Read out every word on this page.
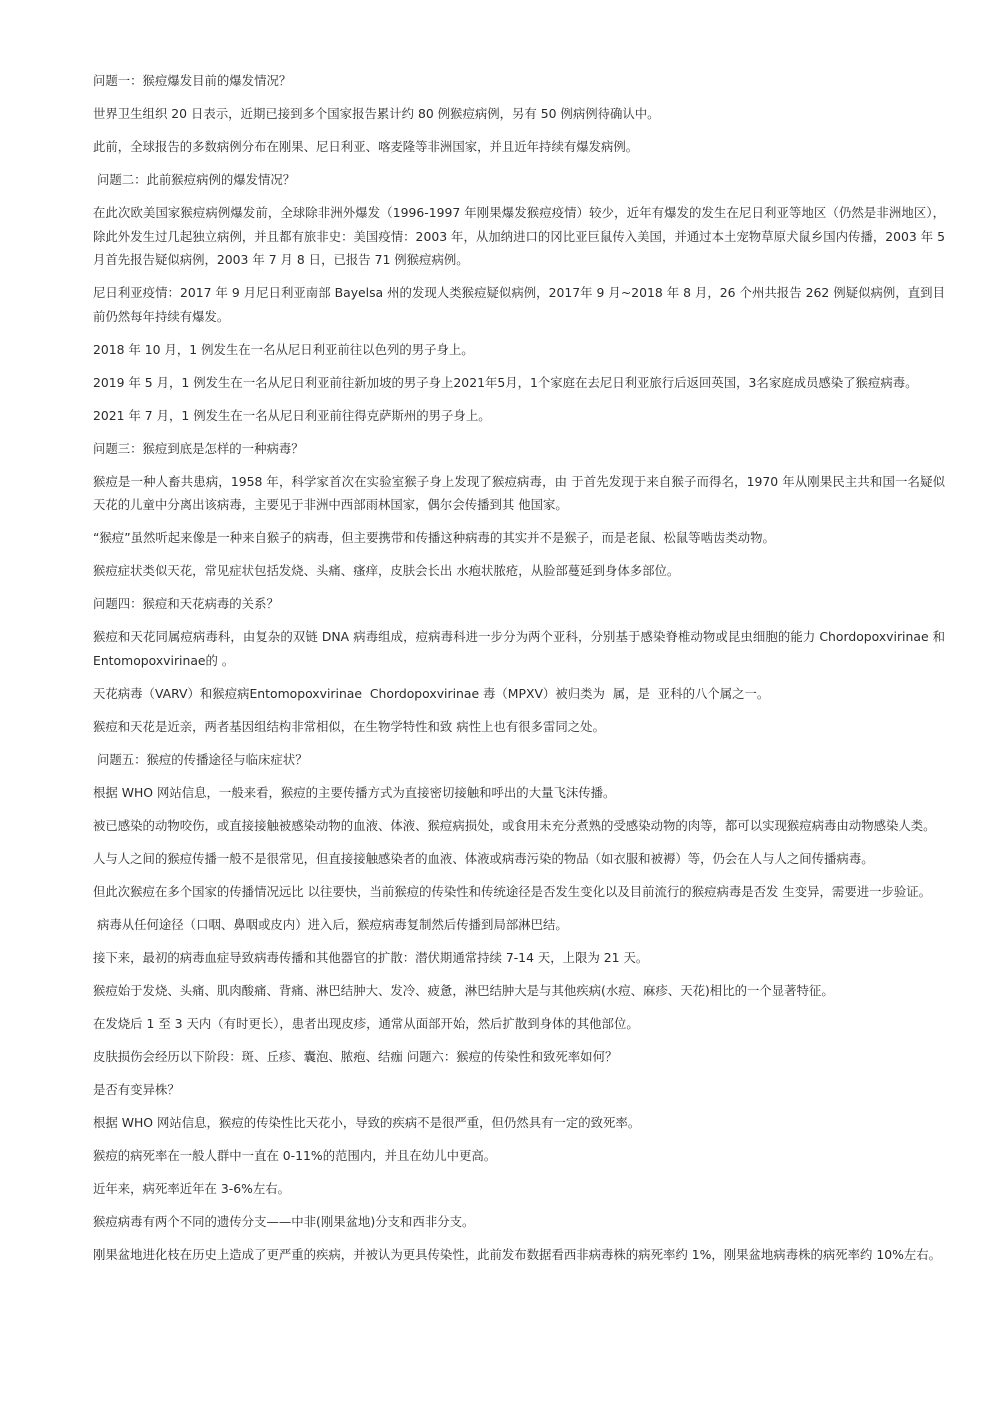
问题一：猴痘爆发目前的爆发情况？

世界卫生组织 20 日表示，近期已接到多个国家报告累计约 80 例猴痘病例，另有 50 例病例待确认中。

此前，全球报告的多数病例分布在刚果、尼日利亚、喀麦隆等非洲国家，并且近年持续有爆发病例。

问题二：此前猴痘病例的爆发情况？

在此次欧美国家猴痘病例爆发前，全球除非洲外爆发（1996-1997 年刚果爆发猴痘疫情）较少，近年有爆发的发生在尼日利亚等地区（仍然是非洲地区），除此外发生过几起独立病例，并且都有旅非史：美国疫情：2003 年，从加纳进口的冈比亚巨鼠传入美国，并通过本土宠物草原犬鼠乡国内传播，2003 年 5 月首先报告疑似病例，2003 年 7 月 8 日，已报告 71 例猴痘病例。

尼日利亚疫情：2017 年 9 月尼日利亚南部 Bayelsa 州的发现人类猴痘疑似病例，2017年 9 月~2018 年 8 月，26 个州共报告 262 例疑似病例，直到目前仍然每年持续有爆发。

2018 年 10 月，1 例发生在一名从尼日利亚前往以色列的男子身上。

2019 年 5 月，1 例发生在一名从尼日利亚前往新加坡的男子身上2021年5月，1个家庭在去尼日利亚旅行后返回英国，3名家庭成员感染了猴痘病毒。

2021 年 7 月，1 例发生在一名从尼日利亚前往得克萨斯州的男子身上。

问题三：猴痘到底是怎样的一种病毒？

猴痘是一种人畜共患病，1958 年，科学家首次在实验室猴子身上发现了猴痘病毒，由 于首先发现于来自猴子而得名，1970 年从刚果民主共和国一名疑似天花的儿童中分离出该病毒，主要见于非洲中西部雨林国家，偶尔会传播到其 他国家。

“猴痘”虽然听起来像是一种来自猴子的病毒，但主要携带和传播这种病毒的其实并不是猴子，而是老鼠、松鼠等啮齿类动物。

猴痘症状类似天花，常见症状包括发烧、头痛、瘙痒，皮肤会长出 水疱状脓疮，从脸部蔓延到身体多部位。

问题四：猴痘和天花病毒的关系？

猴痘和天花同属痘病毒科，由复杂的双链 DNA 病毒组成，痘病毒科进一步分为两个亚科，分别基于感染脊椎动物或昆虫细胞的能力 Chordopoxvirinae 和 Entomopoxvirinae的 。

天花病毒（VARV）和猴痘病Entomopoxvirinae  Chordopoxvirinae 毒（MPXV）被归类为  属，是  亚科的八个属之一。

猴痘和天花是近亲，两者基因组结构非常相似，在生物学特性和致 病性上也有很多雷同之处。

问题五：猴痘的传播途径与临床症状？

根据 WHO 网站信息，一般来看，猴痘的主要传播方式为直接密切接触和呼出的大量飞沫传播。

被已感染的动物咬伤，或直接接触被感染动物的血液、体液、猴痘病损处，或食用未充分煮熟的受感染动物的肉等，都可以实现猴痘病毒由动物感染人类。

人与人之间的猴痘传播一般不是很常见，但直接接触感染者的血液、体液或病毒污染的物品（如衣服和被褥）等，仍会在人与人之间传播病毒。

但此次猴痘在多个国家的传播情况远比 以往要快，当前猴痘的传染性和传统途径是否发生变化以及目前流行的猴痘病毒是否发 生变异，需要进一步验证。

病毒从任何途径（口咽、鼻咽或皮内）进入后，猴痘病毒复制然后传播到局部淋巴结。

接下来，最初的病毒血症导致病毒传播和其他器官的扩散：潜伏期通常持续 7-14 天，上限为 21 天。

猴痘始于发烧、头痛、肌肉酸痛、背痛、淋巴结肿大、发冷、疲惫，淋巴结肿大是与其他疾病(水痘、麻疹、天花)相比的一个显著特征。

在发烧后 1 至 3 天内（有时更长），患者出现皮疹，通常从面部开始，然后扩散到身体的其他部位。

皮肤损伤会经历以下阶段：斑、丘疹、囊泡、脓疱、结痂 问题六：猴痘的传染性和致死率如何？

是否有变异株？

根据 WHO 网站信息，猴痘的传染性比天花小，导致的疾病不是很严重，但仍然具有一定的致死率。

猴痘的病死率在一般人群中一直在 0-11%的范围内，并且在幼儿中更高。

近年来，病死率近年在 3-6%左右。

猴痘病毒有两个不同的遗传分支——中非(刚果盆地)分支和西非分支。

刚果盆地进化枝在历史上造成了更严重的疾病，并被认为更具传染性，此前发布数据看西非病毒株的病死率约 1%，刚果盆地病毒株的病死率约 10%左右。
